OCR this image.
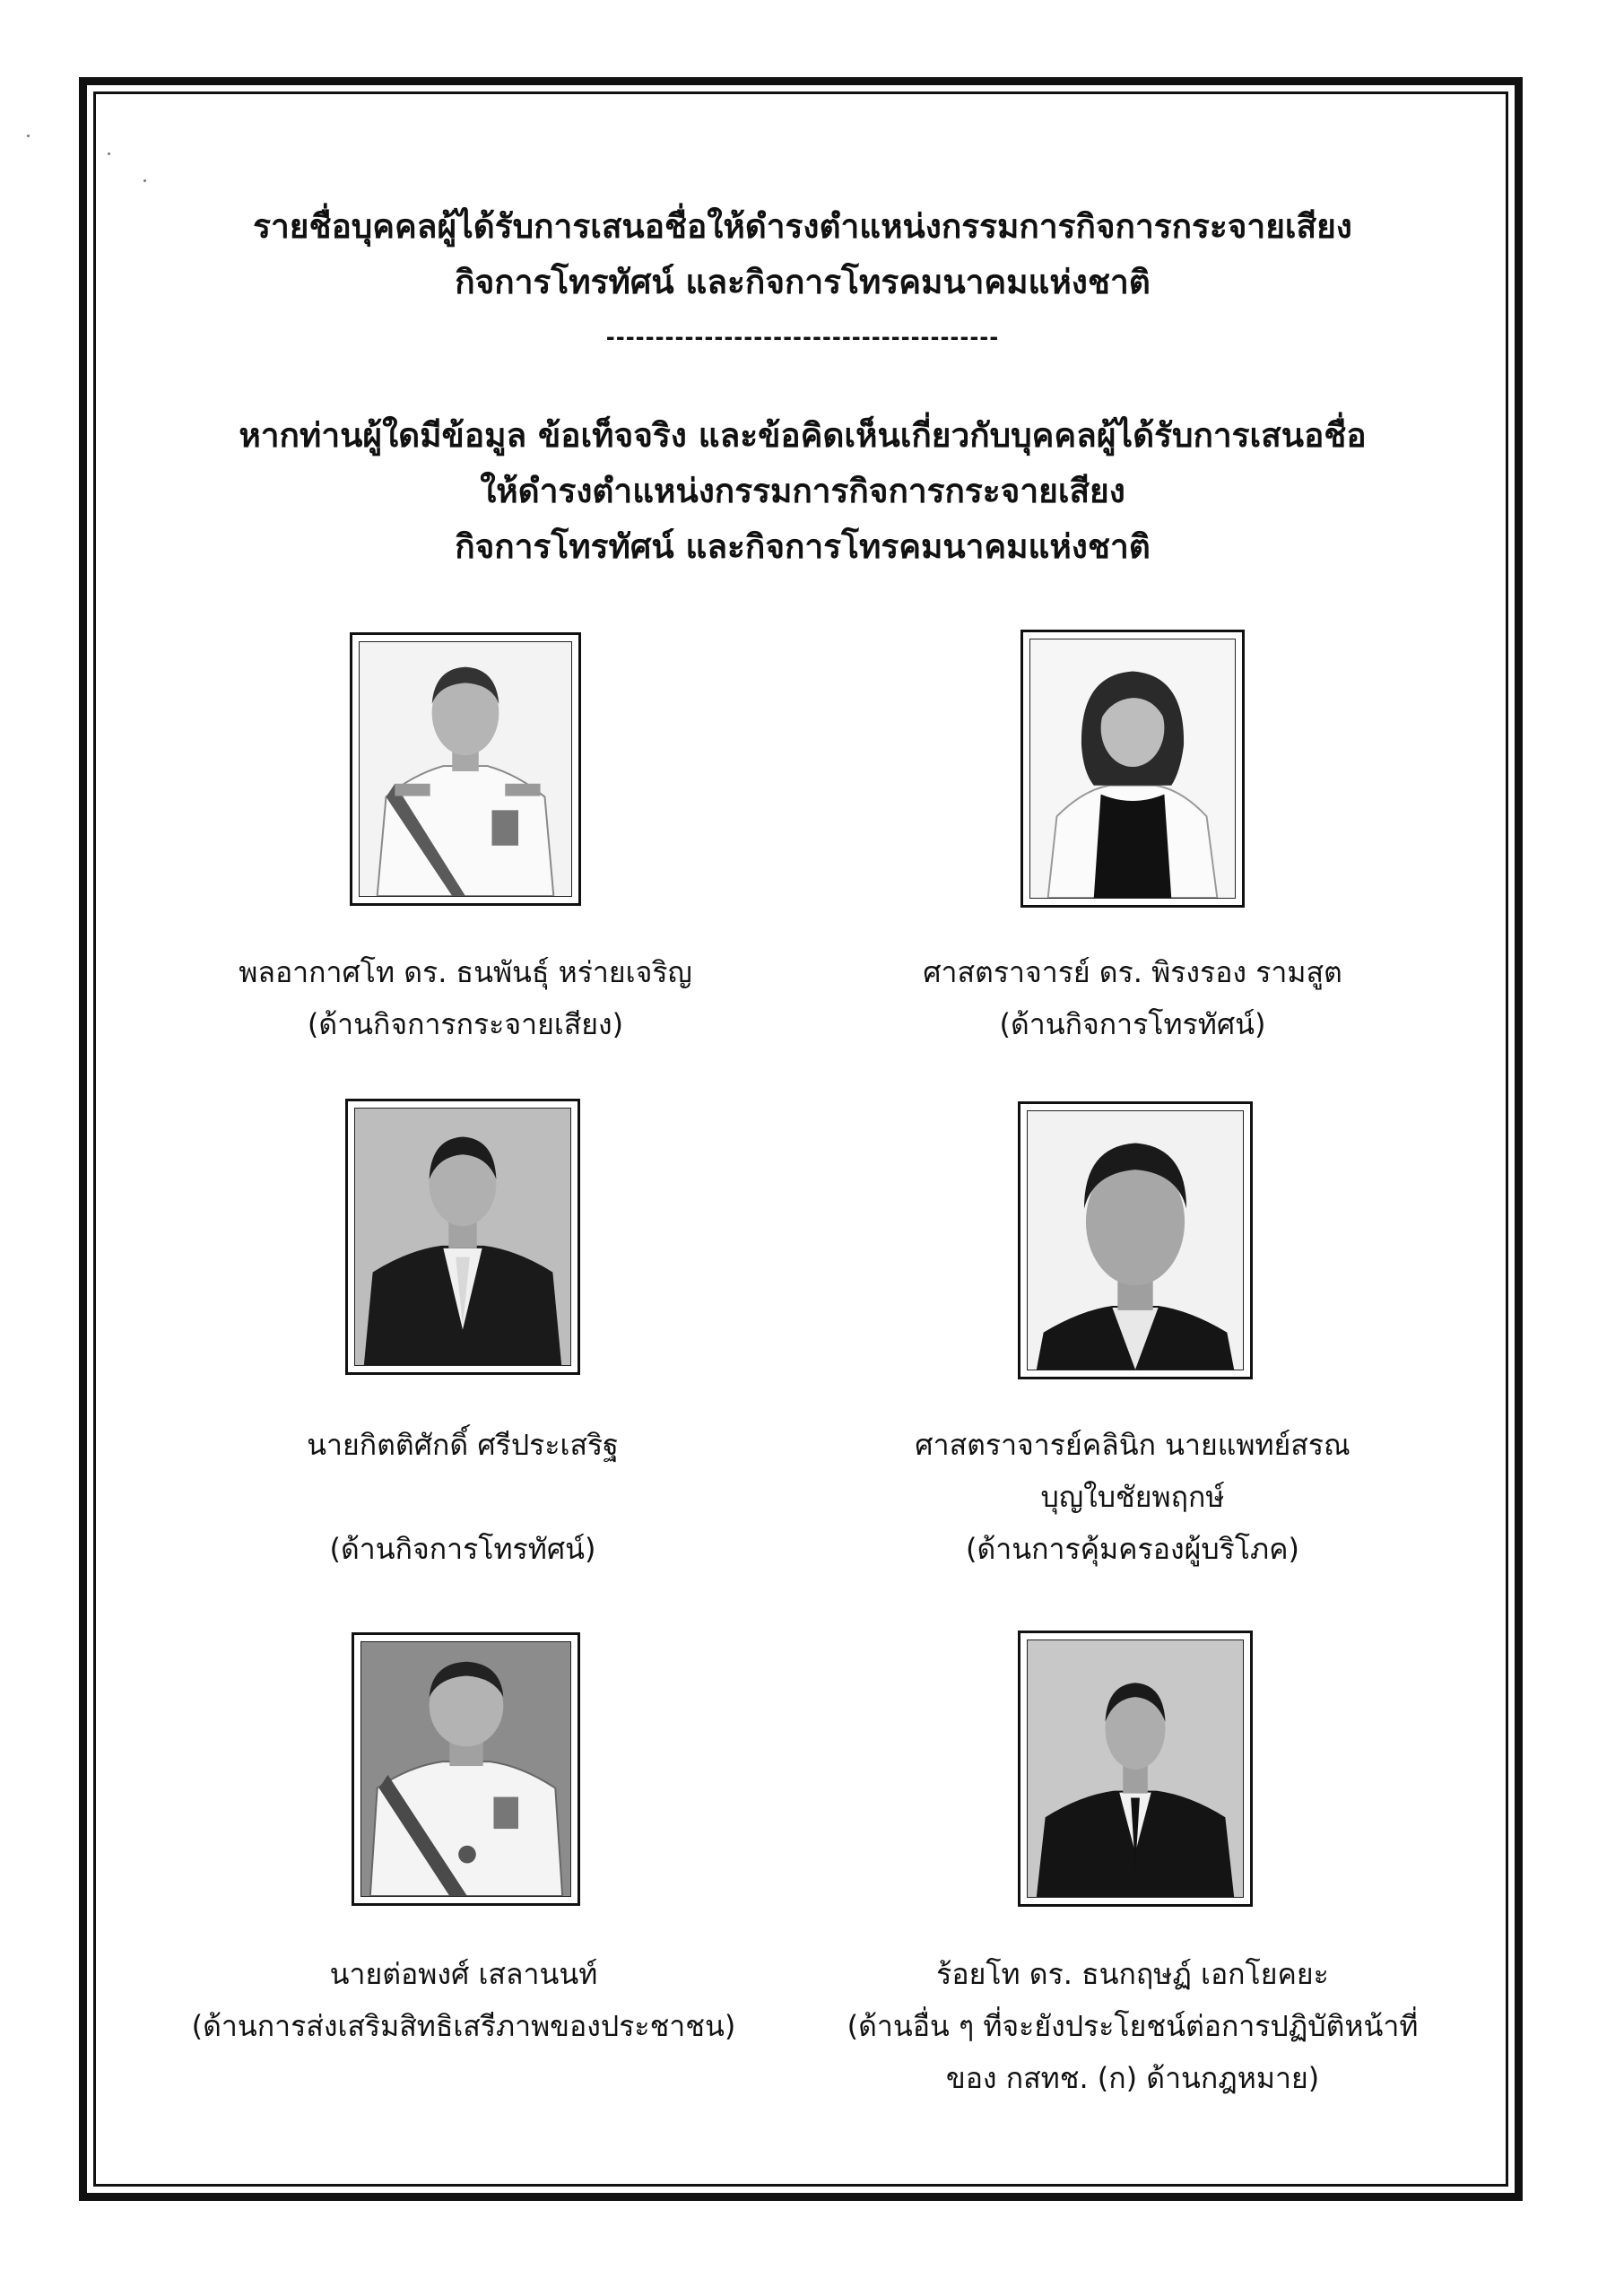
รายชื่อบุคคลผู้ได้รับการเสนอชื่อให้ดำรงตำแหน่งกรรมการกิจการกระจายเสียง
กิจการโทรทัศน์ และกิจการโทรคมนาคมแห่งชาติ
----------------------------------------
หากท่านผู้ใดมีข้อมูล ข้อเท็จจริง และข้อคิดเห็นเกี่ยวกับบุคคลผู้ได้รับการเสนอชื่อ
ให้ดำรงตำแหน่งกรรมการกิจการกระจายเสียง
กิจการโทรทัศน์ และกิจการโทรคมนาคมแห่งชาติ
พลอากาศโท ดร. ธนพันธุ์ หร่ายเจริญ
(ด้านกิจการกระจายเสียง)
ศาสตราจารย์ ดร. พิรงรอง รามสูต
(ด้านกิจการโทรทัศน์)
นายกิตติศักดิ์ ศรีประเสริฐ
(ด้านกิจการโทรทัศน์)
ศาสตราจารย์คลินิก นายแพทย์สรณ
บุญใบชัยพฤกษ์
(ด้านการคุ้มครองผู้บริโภค)
นายต่อพงศ์ เสลานนท์
(ด้านการส่งเสริมสิทธิเสรีภาพของประชาชน)
ร้อยโท ดร. ธนกฤษฏ์ เอกโยคยะ
(ด้านอื่น ๆ ที่จะยังประโยชน์ต่อการปฏิบัติหน้าที่
ของ กสทช. (ก) ด้านกฎหมาย)
